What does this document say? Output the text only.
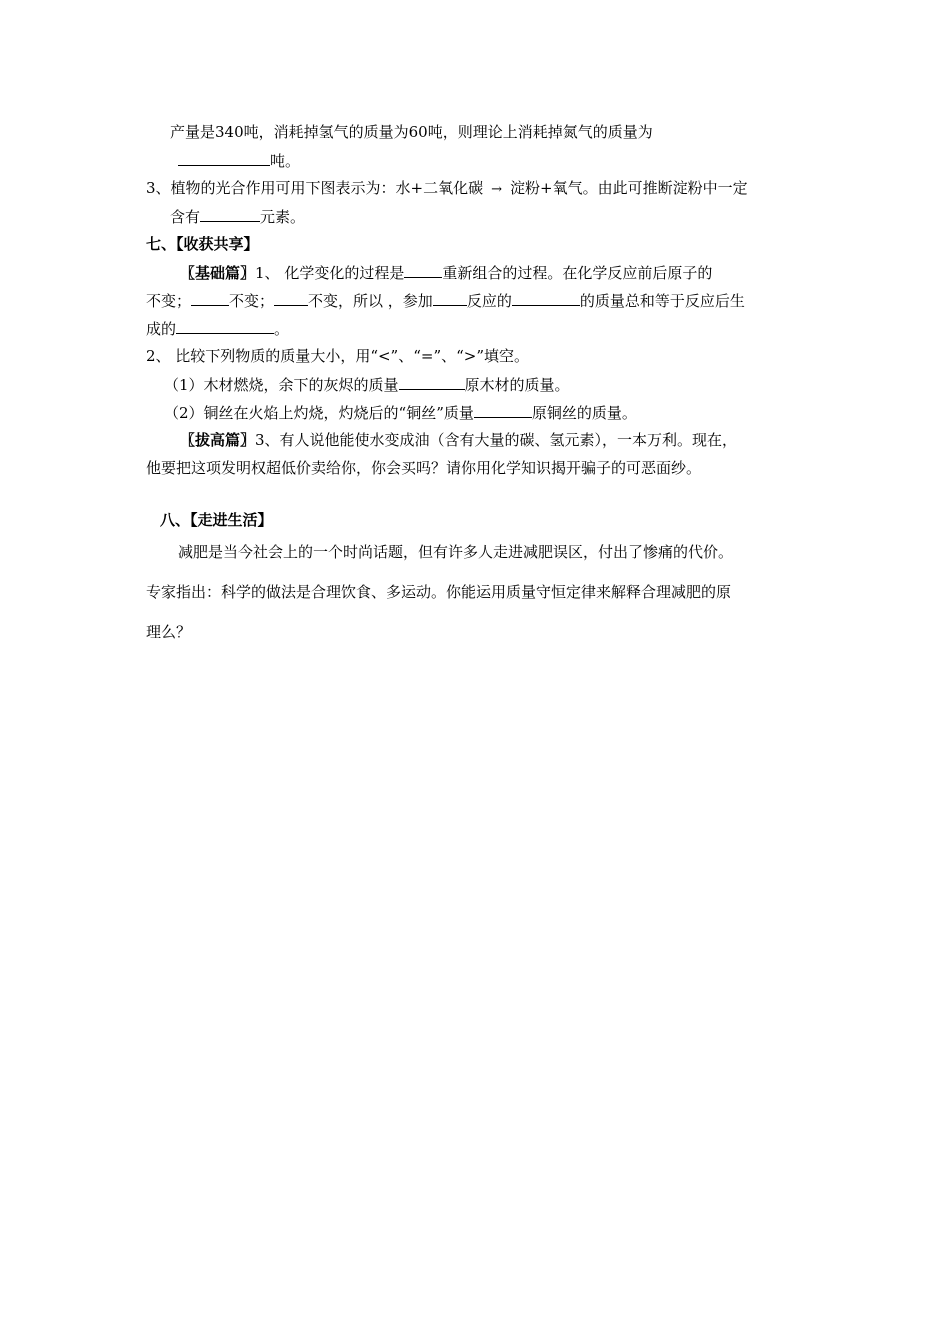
产量是340吨，消耗掉氢气的质量为60吨，则理论上消耗掉氮气的质量为
吨。
3、植物的光合作用可用下图表示为：水+二氧化碳 → 淀粉+氧气。由此可推断淀粉中一定
含有	元素。
七、【收获共享】
〖基础篇〗1、 化学变化的过程是	重新组合的过程。在化学反应前后原子的
不变；	不变； 不变，所以 ，参加 反应的	的质量总和等于反应后生
成的	。
2、 比较下列物质的质量大小，用“<”、“=”、“>”填空。
（1）木材燃烧，余下的灰烬的质量	原木材的质量。
（2）铜丝在火焰上灼烧，灼烧后的“铜丝”质量	原铜丝的质量。
〖拔高篇〗3、有人说他能使水变成油（含有大量的碳、氢元素），一本万利。现在，
他要把这项发明权超低价卖给你，你会买吗？请你用化学知识揭开骗子的可恶面纱。
八、【走进生活】
减肥是当今社会上的一个时尚话题，但有许多人走进减肥误区，付出了惨痛的代价。
专家指出：科学的做法是合理饮食、多运动。你能运用质量守恒定律来解释合理减肥的原
理么？
